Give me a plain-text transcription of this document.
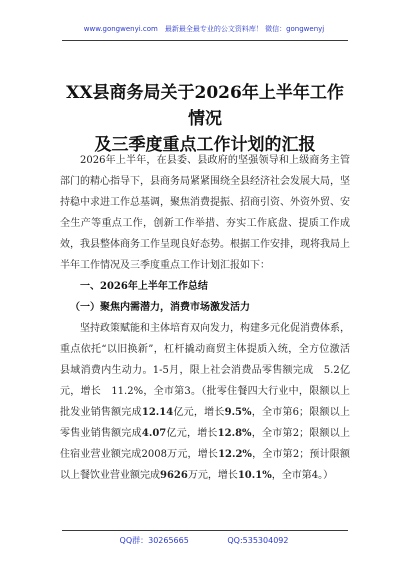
www.gongwenyi.com　最新最全最专业的公文资料库！ 微信：gongwenyj
XX县商务局关于2026年上半年工作情况
及三季度重点工作计划的汇报

2026年上半年，在县委、县政府的坚强领导和上级商务主管部门的精心指导下，县商务局紧紧围绕全县经济社会发展大局，坚持稳中求进工作总基调，聚焦消费提振、招商引资、外资外贸、安全生产等重点工作，创新工作举措、夯实工作底盘、提质工作成效，我县整体商务工作呈现良好态势。根据工作安排，现将我局上半年工作情况及三季度重点工作计划汇报如下：

一、2026年上半年工作总结

（一）聚焦内需潜力，消费市场激发活力

坚持政策赋能和主体培育双向发力，构建多元化促消费体系，重点依托“以旧换新”，杠杆撬动商贸主体提质入统，全方位激活县域消费内生动力。1-5月，限上社会消费品零售额完成　5.2亿元，增长　11.2%，全市第3。（批零住餐四大行业中，限额以上批发业销售额完成12.14亿元，增长9.5%，全市第6；限额以上零售业销售额完成4.07亿元，增长12.8%，全市第2；限额以上住宿业营业额完成2008万元，增长12.2%，全市第2；预计限额以上餐饮业营业额完成9626万元，增长10.1%，全市第4。）

QQ群：30265665	QQ:535304092
